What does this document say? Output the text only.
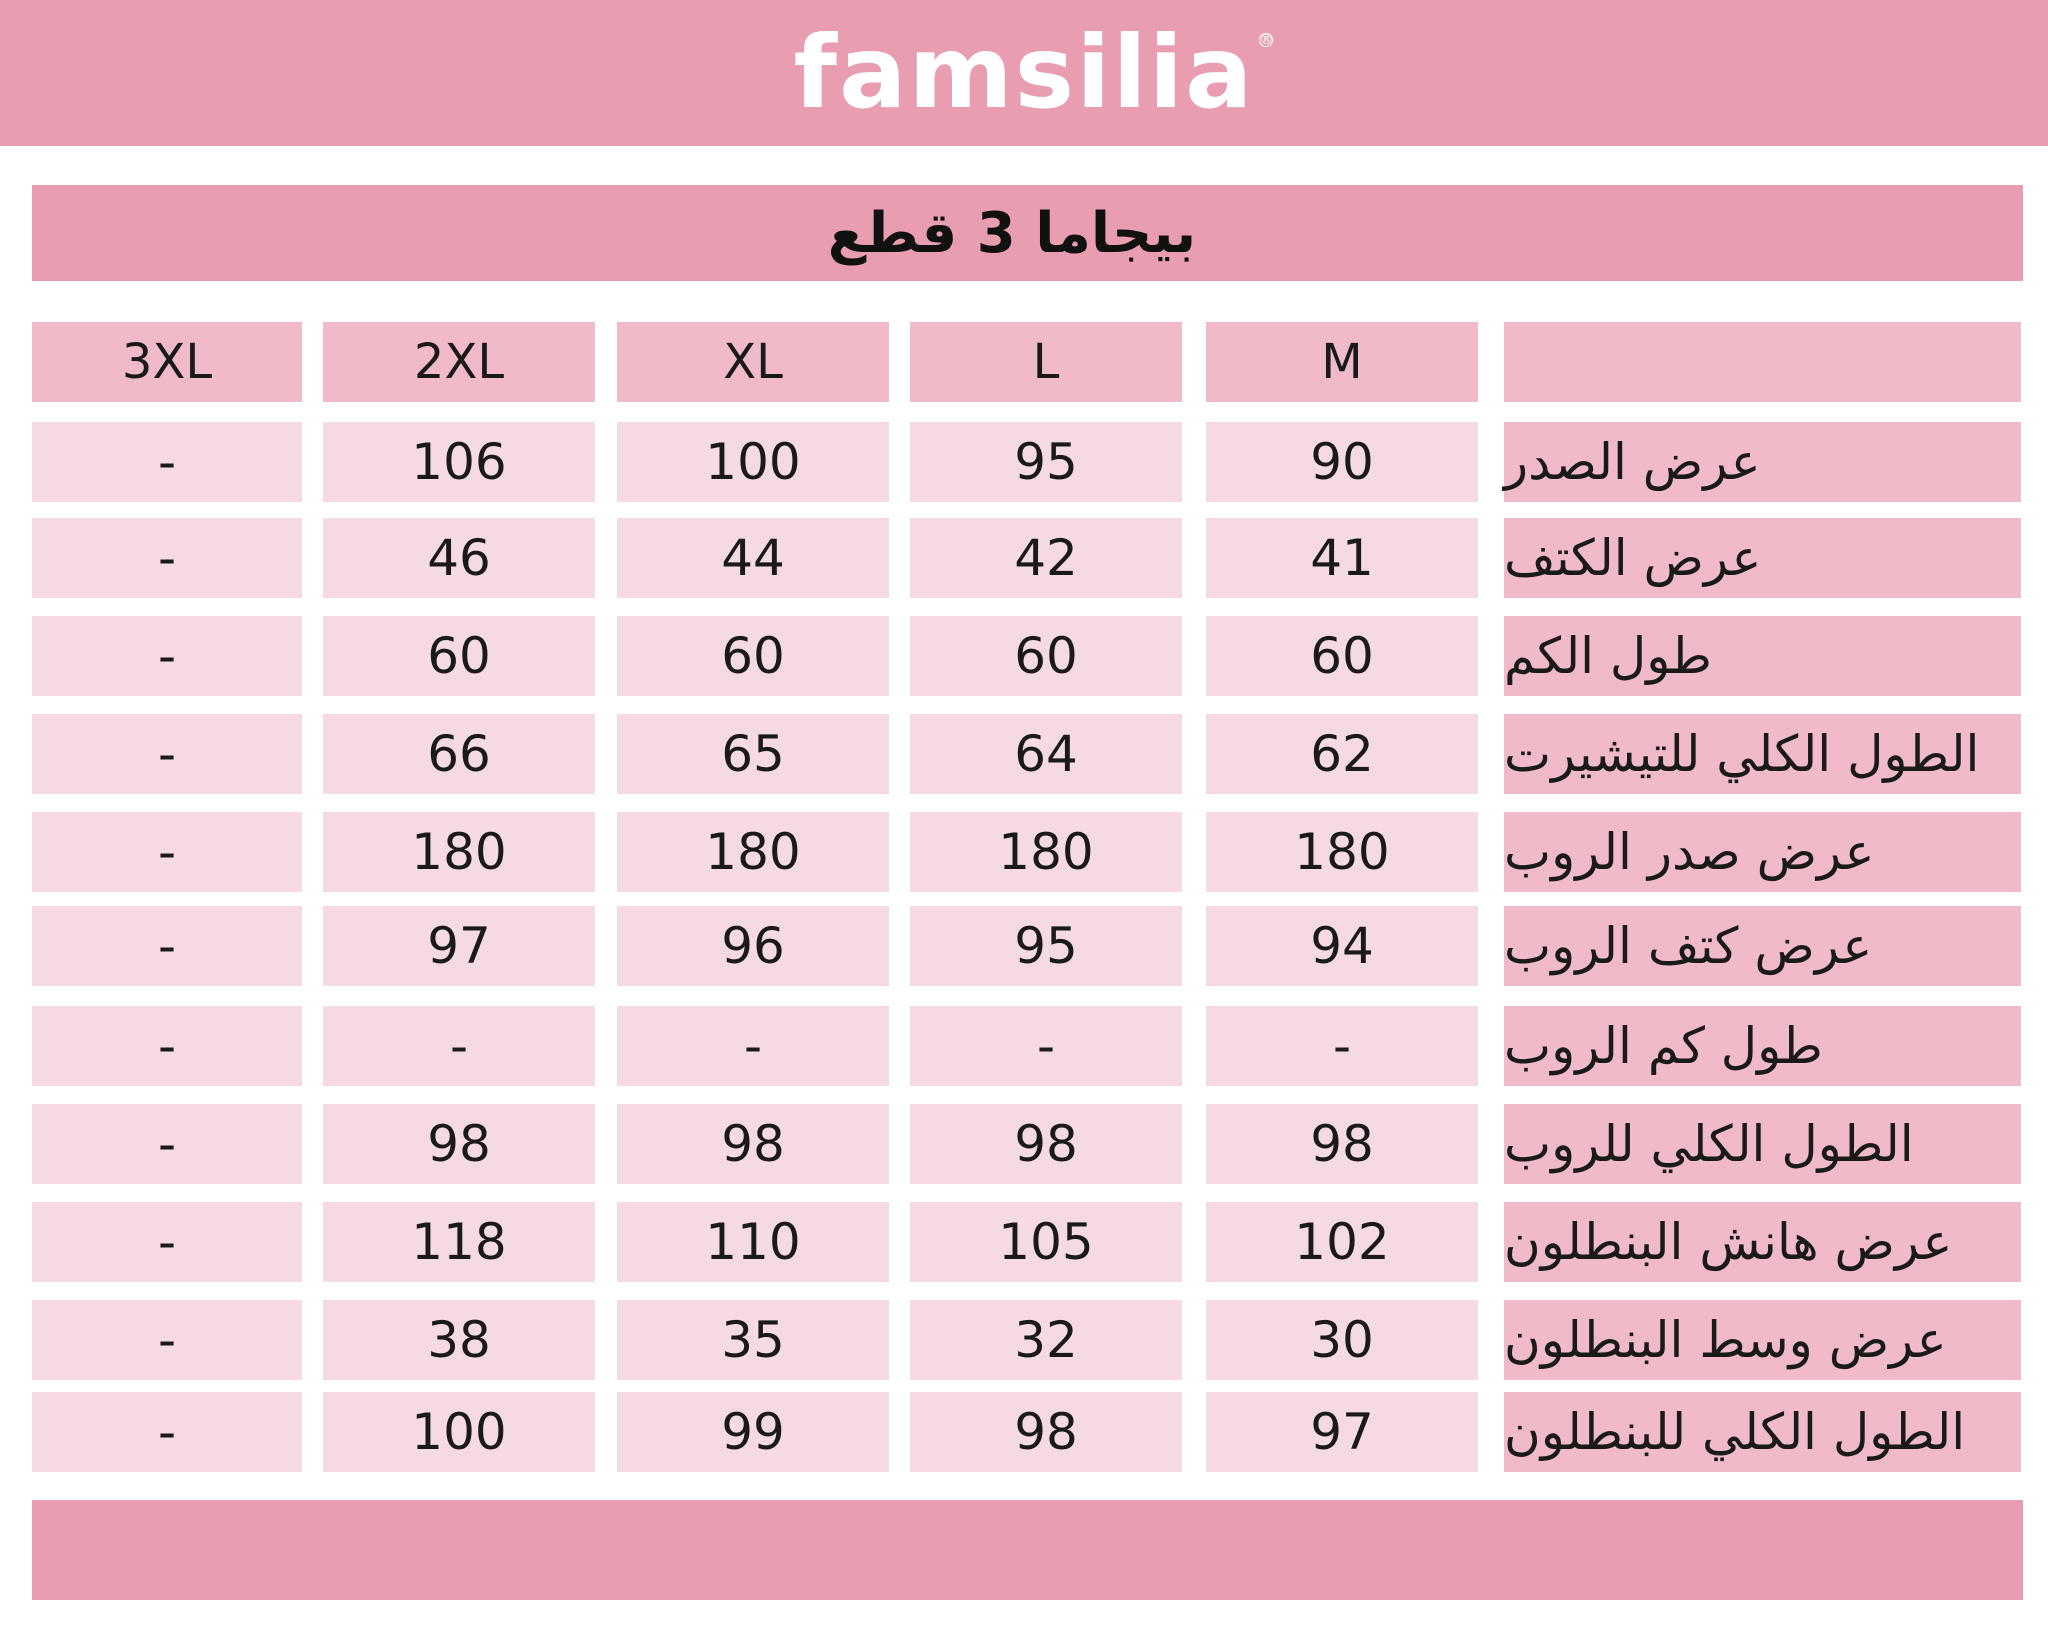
famsilia ®
بيجاما 3 قطع
3XL	2XL	XL	L	M
-	106	100	95	90	عرض الصدر
-	46	44	42	41	عرض الكتف
-	60	60	60	60	طول الكم
-	66	65	64	62	الطول الكلي للتيشيرت
-	180	180	180	180	عرض صدر الروب
-	97	96	95	94	عرض كتف الروب
-	-	-	-	-	طول كم الروب
-	98	98	98	98	الطول الكلي للروب
-	118	110	105	102	عرض هانش البنطلون
-	38	35	32	30	عرض وسط البنطلون
-	100	99	98	97	الطول الكلي للبنطلون
